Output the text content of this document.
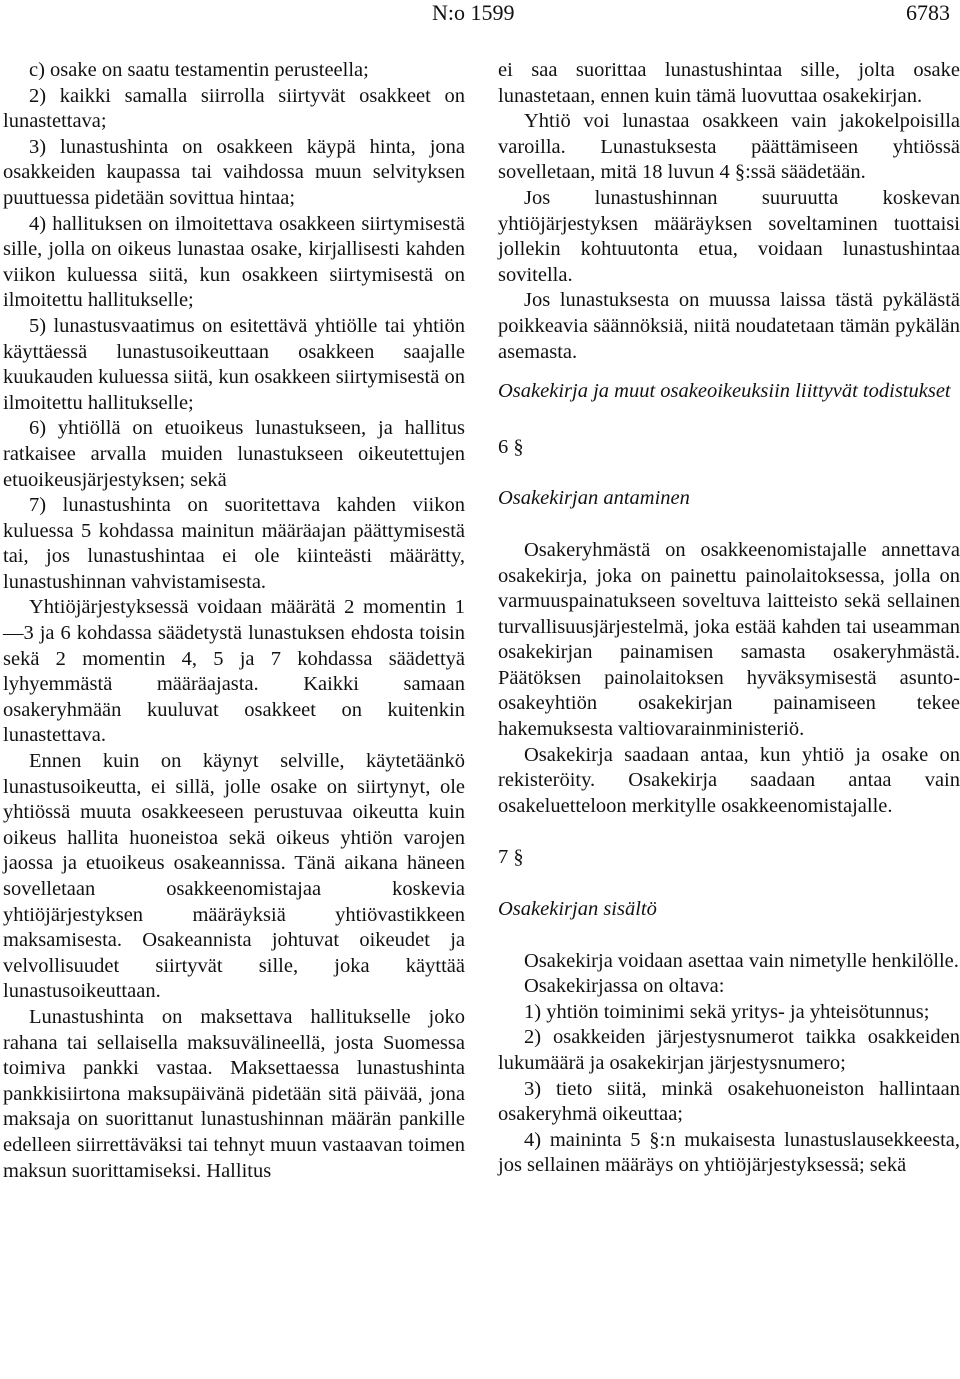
N:o 1599	6783

c) osake on saatu testamentin perusteella;

2) kaikki samalla siirrolla siirtyvät osakkeet on lunastettava;

3) lunastushinta on osakkeen käypä hinta, jona osakkeiden kaupassa tai vaihdossa muun selvityksen puuttuessa pidetään sovittua hintaa;

4) hallituksen on ilmoitettava osakkeen siirtymisestä sille, jolla on oikeus lunastaa osake, kirjallisesti kahden viikon kuluessa siitä, kun osakkeen siirtymisestä on ilmoitettu hallitukselle;

5) lunastusvaatimus on esitettävä yhtiölle tai yhtiön käyttäessä lunastusoikeuttaan osakkeen saajalle kuukauden kuluessa siitä, kun osakkeen siirtymisestä on ilmoitettu hallitukselle;

6) yhtiöllä on etuoikeus lunastukseen, ja hallitus ratkaisee arvalla muiden lunastukseen oikeutettujen etuoikeusjärjestyksen; sekä

7) lunastushinta on suoritettava kahden viikon kuluessa 5 kohdassa mainitun määräajan päättymisestä tai, jos lunastushintaa ei ole kiinteästi määrätty, lunastushinnan vahvistamisesta.

Yhtiöjärjestyksessä voidaan määrätä 2 momentin 1—3 ja 6 kohdassa säädetystä lunastuksen ehdosta toisin sekä 2 momentin 4, 5 ja 7 kohdassa säädettyä lyhyemmästä määräajasta. Kaikki samaan osakeryhmään kuuluvat osakkeet on kuitenkin lunastettava.

Ennen kuin on käynyt selville, käytetäänkö lunastusoikeutta, ei sillä, jolle osake on siirtynyt, ole yhtiössä muuta osakkeeseen perustuvaa oikeutta kuin oikeus hallita huoneistoa sekä oikeus yhtiön varojen jaossa ja etuoikeus osakeannissa. Tänä aikana häneen sovelletaan osakkeenomistajaa koskevia yhtiöjärjestyksen määräyksiä yhtiövastikkeen maksamisesta. Osakeannista johtuvat oikeudet ja velvollisuudet siirtyvät sille, joka käyttää lunastusoikeuttaan.

Lunastushinta on maksettava hallitukselle joko rahana tai sellaisella maksuvälineellä, josta Suomessa toimiva pankki vastaa. Maksettaessa lunastushinta pankkisiirtona maksupäivänä pidetään sitä päivää, jona maksaja on suorittanut lunastushinnan määrän pankille edelleen siirrettäväksi tai tehnyt muun vastaavan toimen maksun suorittamiseksi. Hallitus

ei saa suorittaa lunastushintaa sille, jolta osake lunastetaan, ennen kuin tämä luovuttaa osakekirjan.

Yhtiö voi lunastaa osakkeen vain jakokelpoisilla varoilla. Lunastuksesta päättämiseen yhtiössä sovelletaan, mitä 18 luvun 4 §:ssä säädetään.

Jos lunastushinnan suuruutta koskevan yhtiöjärjestyksen määräyksen soveltaminen tuottaisi jollekin kohtuutonta etua, voidaan lunastushintaa sovitella.

Jos lunastuksesta on muussa laissa tästä pykälästä poikkeavia säännöksiä, niitä noudatetaan tämän pykälän asemasta.

Osakekirja ja muut osakeoikeuksiin liittyvät todistukset

6 §

Osakekirjan antaminen

Osakeryhmästä on osakkeenomistajalle annettava osakekirja, joka on painettu painolaitoksessa, jolla on varmuuspainatukseen soveltuva laitteisto sekä sellainen turvallisuusjärjestelmä, joka estää kahden tai useamman osakekirjan painamisen samasta osakeryhmästä. Päätöksen painolaitoksen hyväksymisestä asunto-osakeyhtiön osakekirjan painamiseen tekee hakemuksesta valtiovarainministeriö.

Osakekirja saadaan antaa, kun yhtiö ja osake on rekisteröity. Osakekirja saadaan antaa vain osakeluetteloon merkitylle osakkeenomistajalle.

7 §

Osakekirjan sisältö

Osakekirja voidaan asettaa vain nimetylle henkilölle.

Osakekirjassa on oltava:

1) yhtiön toiminimi sekä yritys- ja yhteisötunnus;

2) osakkeiden järjestysnumerot taikka osakkeiden lukumäärä ja osakekirjan järjestysnumero;

3) tieto siitä, minkä osakehuoneiston hallintaan osakeryhmä oikeuttaa;

4) maininta 5 §:n mukaisesta lunastuslausekkeesta, jos sellainen määräys on yhtiöjärjestyksessä; sekä
